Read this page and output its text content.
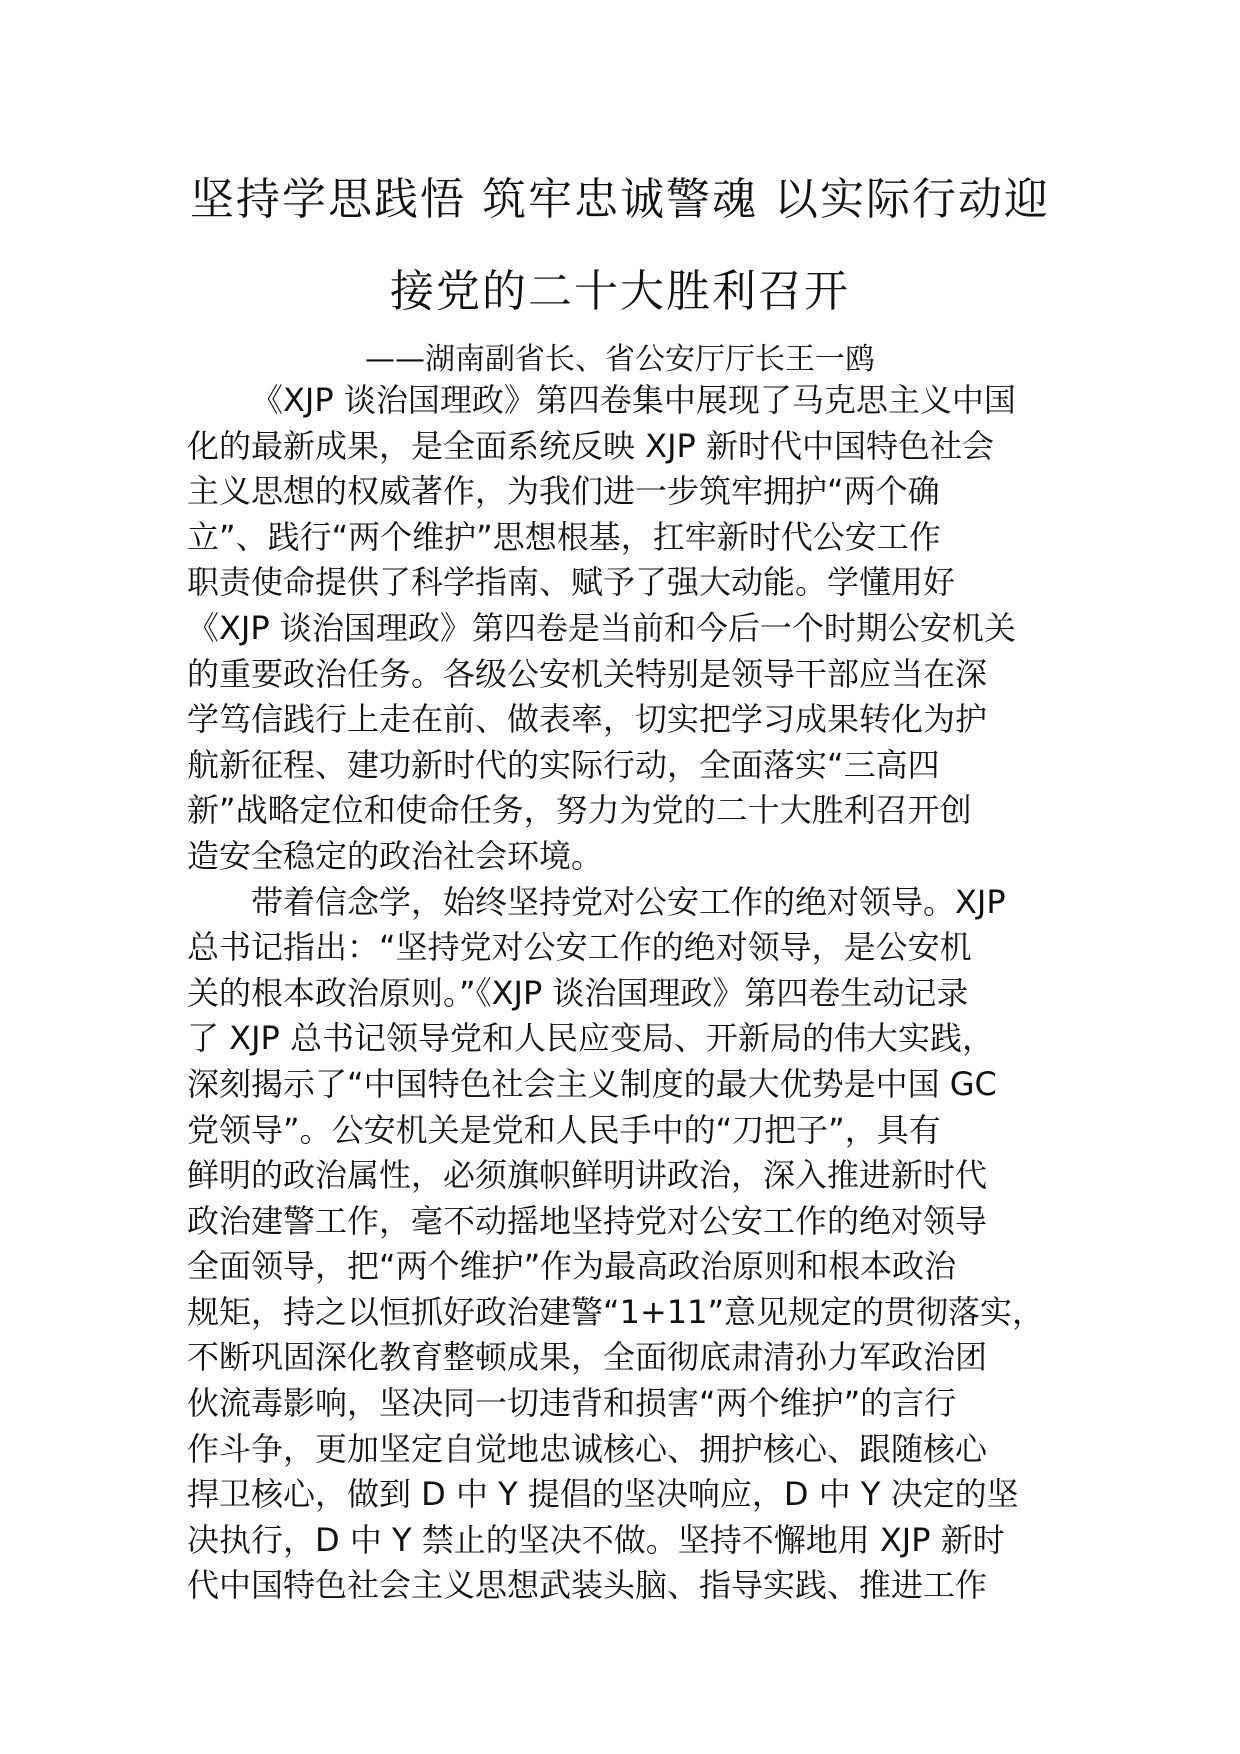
坚持学思践悟 筑牢忠诚警魂 以实际行动迎
接党的二十大胜利召开
——湖南副省长、省公安厅厅长王一鸥
《XJP 谈治国理政》第四卷集中展现了马克思主义中国
化的最新成果，是全面系统反映 XJP 新时代中国特色社会
主义思想的权威著作，为我们进一步筑牢拥护“两个确
立”、践行“两个维护”思想根基，扛牢新时代公安工作
职责使命提供了科学指南、赋予了强大动能。学懂用好
《XJP 谈治国理政》第四卷是当前和今后一个时期公安机关
的重要政治任务。各级公安机关特别是领导干部应当在深
学笃信践行上走在前、做表率，切实把学习成果转化为护
航新征程、建功新时代的实际行动，全面落实“三高四
新”战略定位和使命任务，努力为党的二十大胜利召开创
造安全稳定的政治社会环境。
带着信念学，始终坚持党对公安工作的绝对领导。XJP
总书记指出：“坚持党对公安工作的绝对领导，是公安机
关的根本政治原则。”《XJP 谈治国理政》第四卷生动记录
了 XJP 总书记领导党和人民应变局、开新局的伟大实践，
深刻揭示了“中国特色社会主义制度的最大优势是中国 GC
党领导”。公安机关是党和人民手中的“刀把子”，具有
鲜明的政治属性，必须旗帜鲜明讲政治，深入推进新时代
政治建警工作，毫不动摇地坚持党对公安工作的绝对领导
全面领导，把“两个维护”作为最高政治原则和根本政治
规矩，持之以恒抓好政治建警“1+11”意见规定的贯彻落实，
不断巩固深化教育整顿成果，全面彻底肃清孙力军政治团
伙流毒影响，坚决同一切违背和损害“两个维护”的言行
作斗争，更加坚定自觉地忠诚核心、拥护核心、跟随核心
捍卫核心，做到 D 中 Y 提倡的坚决响应，D 中 Y 决定的坚
决执行，D 中 Y 禁止的坚决不做。坚持不懈地用 XJP 新时
代中国特色社会主义思想武装头脑、指导实践、推进工作
